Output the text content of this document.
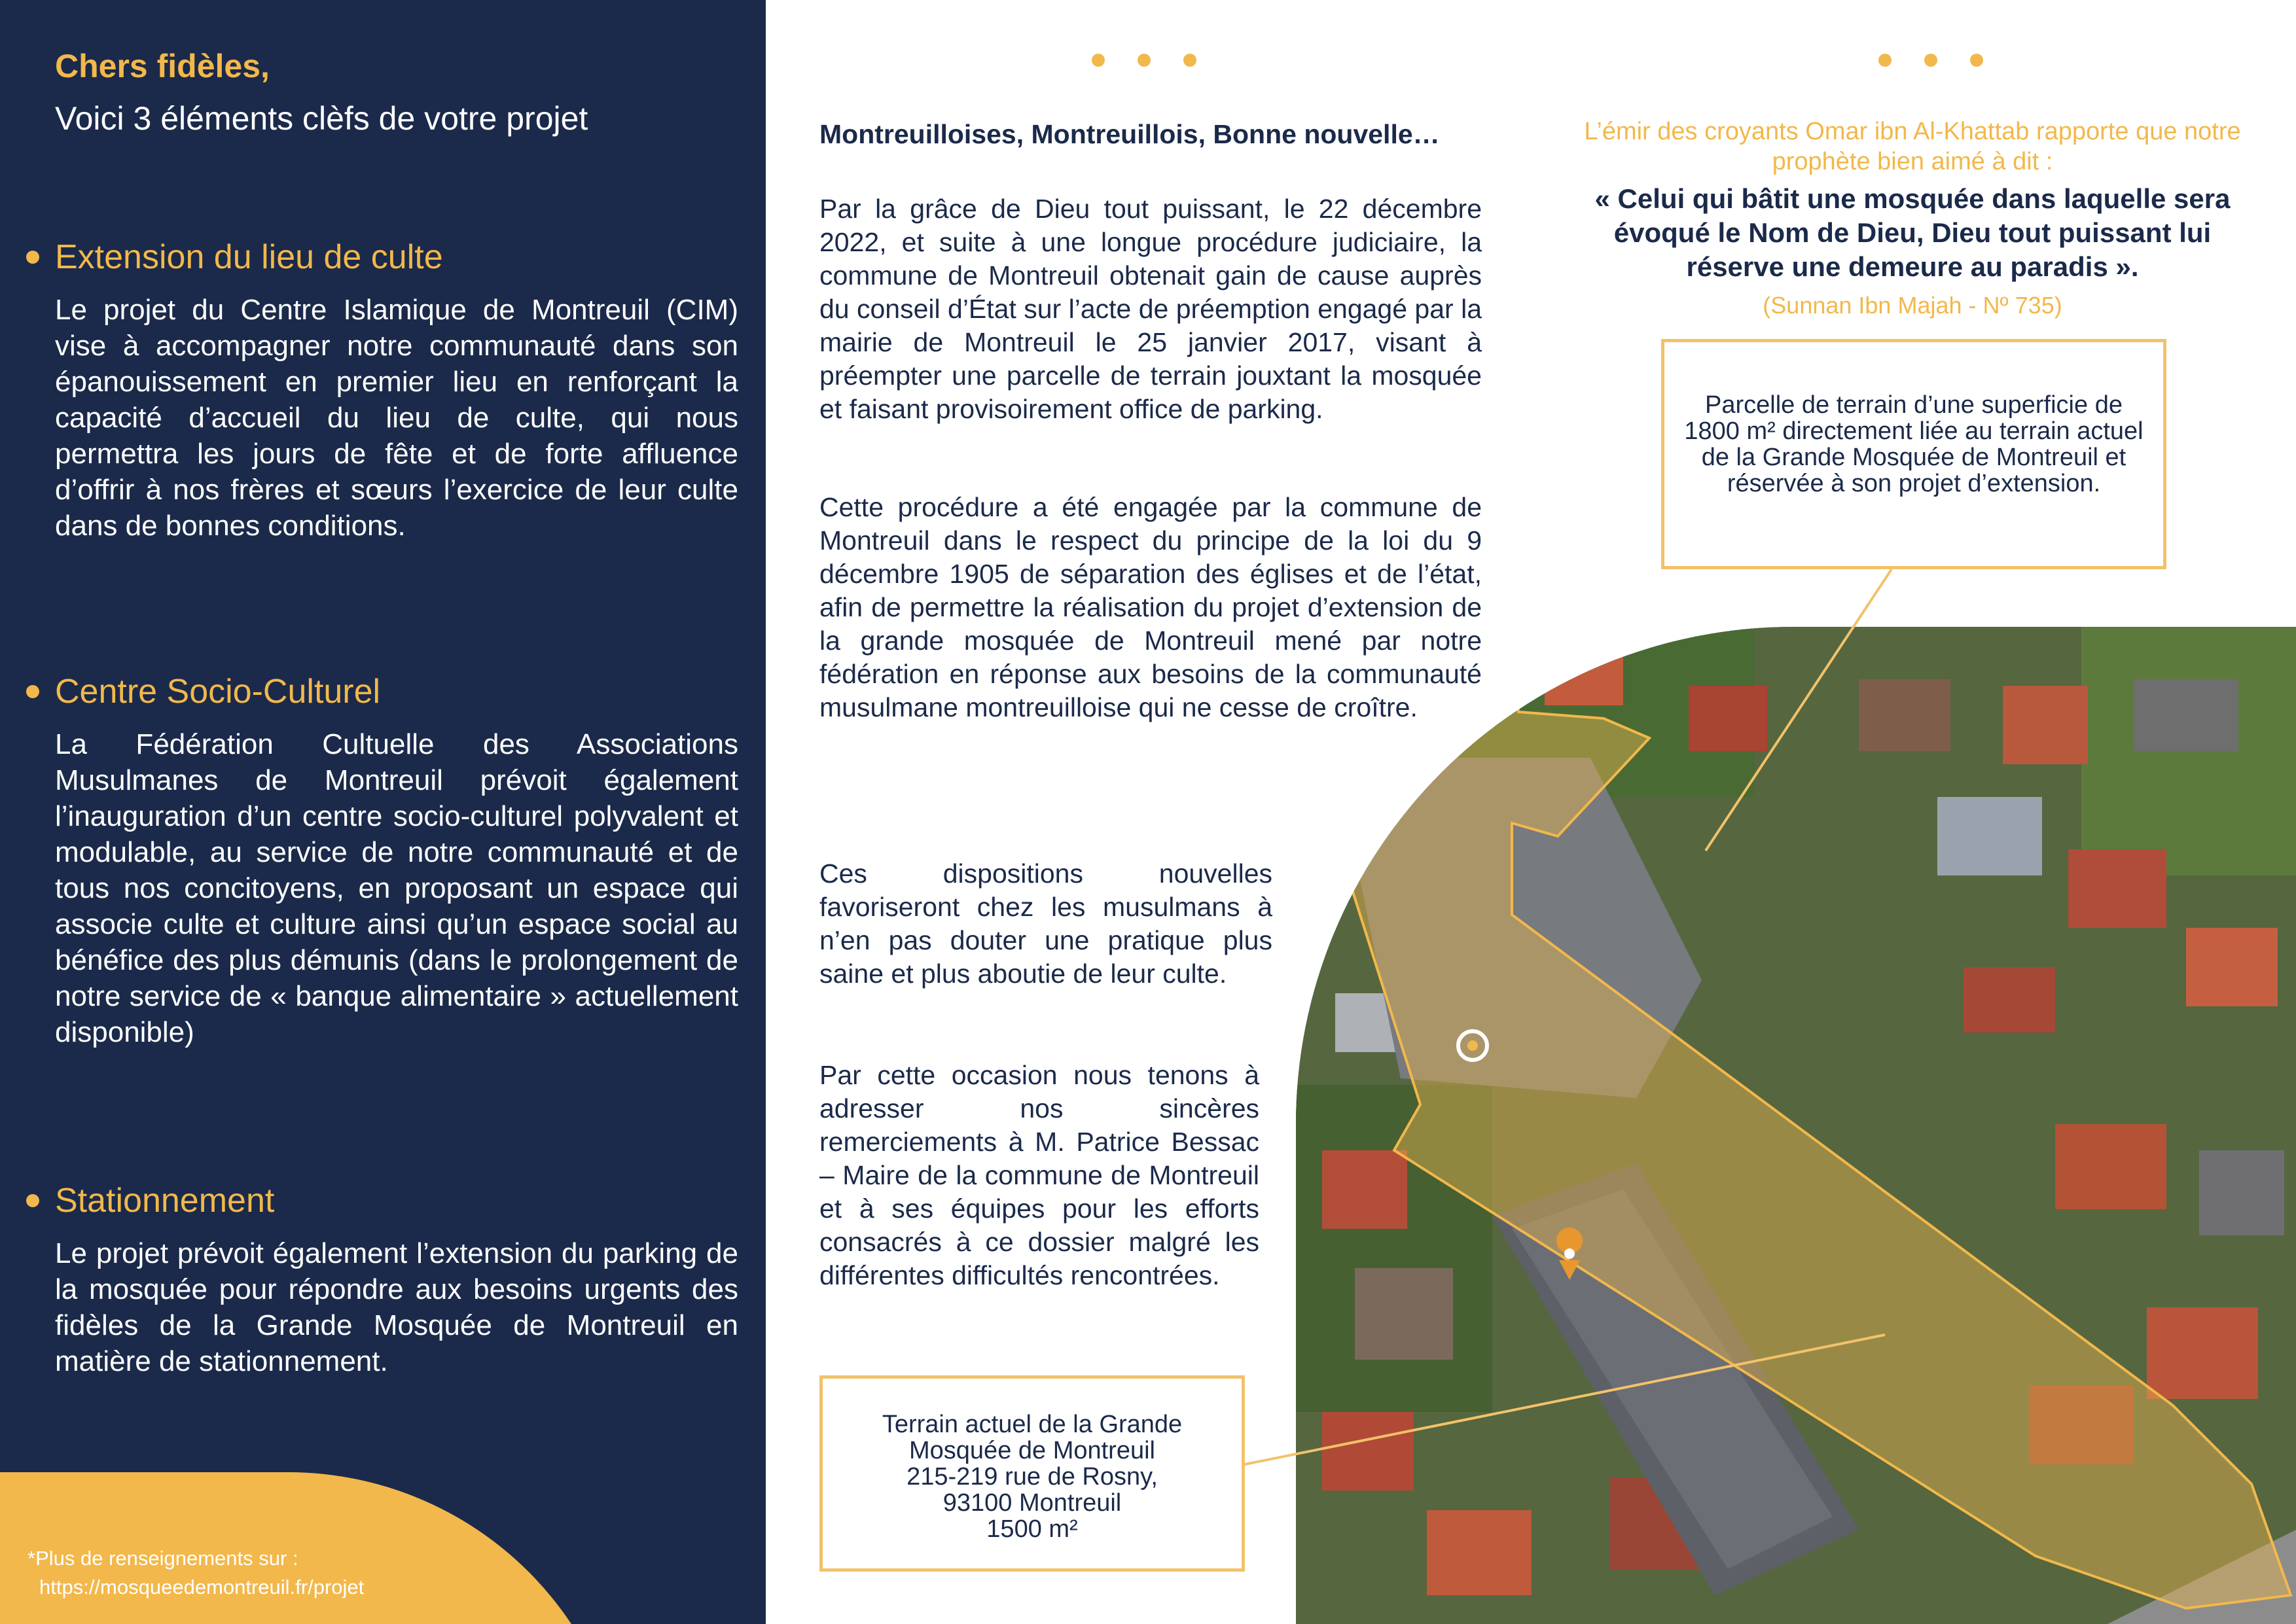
Chers fidèles,
Voici 3 éléments clèfs de votre projet
Extension du lieu de culte
Le projet du Centre Islamique de Montreuil (CIM) vise à accompagner notre communauté dans son épanouissement en premier lieu en renforçant la capacité d’accueil du lieu de culte, qui nous permettra les jours de fête et de forte affluence d’offrir à nos frères et sœurs l’exercice de leur culte dans de bonnes conditions.
Centre Socio-Culturel
La Fédération Cultuelle des Associations Musulmanes de Montreuil prévoit également l’inauguration d’un centre socio-culturel polyvalent et modulable, au service de notre communauté et de tous nos concitoyens, en proposant un espace qui associe culte et culture ainsi qu’un espace social au bénéfice des plus démunis (dans le prolongement de notre service de « banque alimentaire » actuellement disponible)
Stationnement
Le projet prévoit également l’extension du parking de la mosquée pour répondre aux besoins urgents des fidèles de la Grande Mosquée de Montreuil en matière de stationnement.
*Plus de renseignements sur :
https://mosqueedemontreuil.fr/projet
Montreuilloises, Montreuillois, Bonne nouvelle…
Par la grâce de Dieu tout puissant, le 22 décembre 2022, et suite à une longue procédure judiciaire, la commune de Montreuil obtenait gain de cause auprès du conseil d’État sur l’acte de préemption engagé par la mairie de Montreuil le 25 janvier 2017, visant à préempter une parcelle de terrain jouxtant la mosquée et faisant provisoirement office de parking.
Cette procédure a été engagée par la commune de Montreuil dans le respect du principe de la loi du 9 décembre 1905 de séparation des églises et de l’état, afin de permettre la réalisation du projet d’extension de la grande mosquée de Montreuil mené par notre fédération en réponse aux besoins de la communauté musulmane montreuilloise qui ne cesse de croître.
Ces dispositions nouvelles favoriseront chez les musulmans à n’en pas douter une pratique plus saine et plus aboutie de leur culte.
Par cette occasion nous tenons à adresser nos sincères remerciements à M. Patrice Bessac – Maire de la commune de Montreuil et à ses équipes pour les efforts consacrés à ce dossier malgré les différentes difficultés rencontrées.
L’émir des croyants Omar ibn Al-Khattab rapporte que notre prophète bien aimé à dit :
« Celui qui bâtit une mosquée dans laquelle sera évoqué le Nom de Dieu, Dieu tout puissant lui réserve une demeure au paradis ».
(Sunnan Ibn Majah - Nº 735)
Parcelle de terrain d’une superficie de 1800 m² directement liée au terrain actuel de la Grande Mosquée de Montreuil et réservée à son projet d’extension.
Terrain actuel de la Grande
Mosquée de Montreuil
215-219 rue de Rosny,
93100 Montreuil
1500 m²
